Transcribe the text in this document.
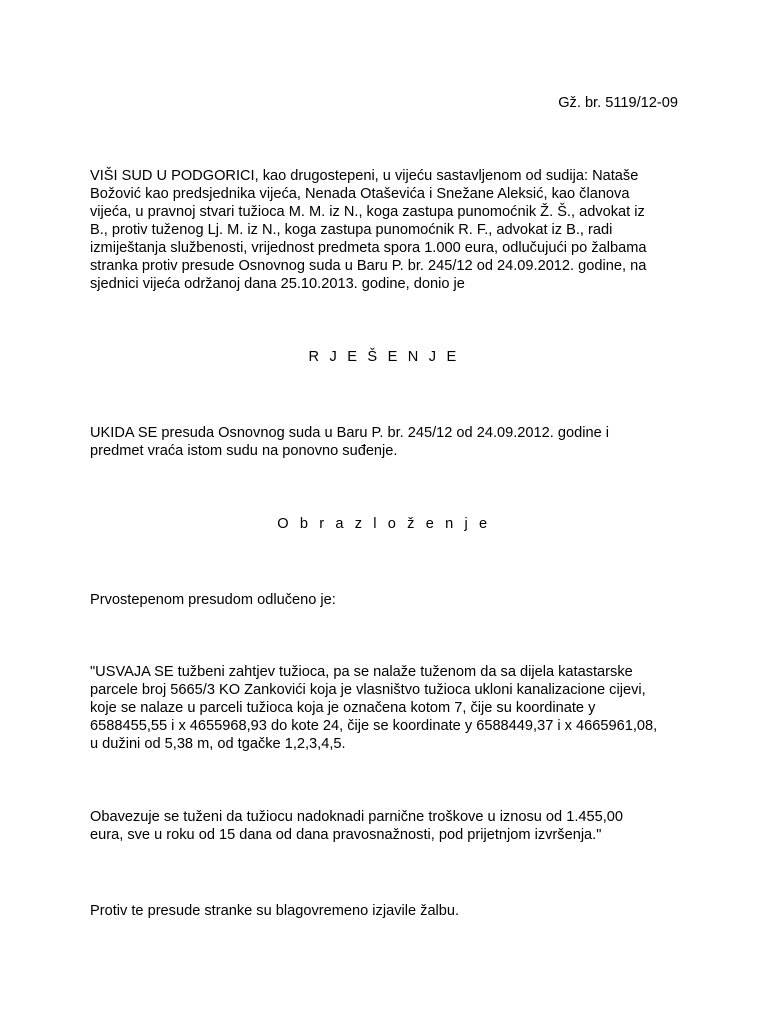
Gž. br. 5119/12-09

VIŠI SUD U PODGORICI, kao drugostepeni, u vijeću sastavljenom od sudija: Nataše
Božović kao predsjednika vijeća, Nenada Otaševića i Snežane Aleksić, kao članova
vijeća, u pravnoj stvari tužioca M. M. iz N., koga zastupa punomoćnik Ž. Š., advokat iz
B., protiv tuženog Lj. M. iz N., koga zastupa punomoćnik R. F., advokat iz B., radi
izmiještanja službenosti, vrijednost predmeta spora 1.000 eura, odlučujući po žalbama
stranka protiv presude Osnovnog suda u Baru P. br. 245/12 od 24.09.2012. godine, na
sjednici vijeća održanoj dana 25.10.2013. godine, donio je

R J E Š E N J E

UKIDA SE presuda Osnovnog suda u Baru P. br. 245/12 od 24.09.2012. godine i
predmet vraća istom sudu na ponovno suđenje.

O b r a z l o ž e n j e

Prvostepenom presudom odlučeno je:

"USVAJA SE tužbeni zahtjev tužioca, pa se nalaže tuženom da sa dijela katastarske
parcele broj 5665/3 KO Zankovići koja je vlasništvo tužioca ukloni kanalizacione cijevi,
koje se nalaze u parceli tužioca koja je označena kotom 7, čije su koordinate y
6588455,55 i x 4655968,93 do kote 24, čije se koordinate y 6588449,37 i x 4665961,08,
u dužini od 5,38 m, od tgačke 1,2,3,4,5.

Obavezuje se tuženi da tužiocu nadoknadi parnične troškove u iznosu od 1.455,00
eura, sve u roku od 15 dana od dana pravosnažnosti, pod prijetnjom izvršenja."

Protiv te presude stranke su blagovremeno izjavile žalbu.
